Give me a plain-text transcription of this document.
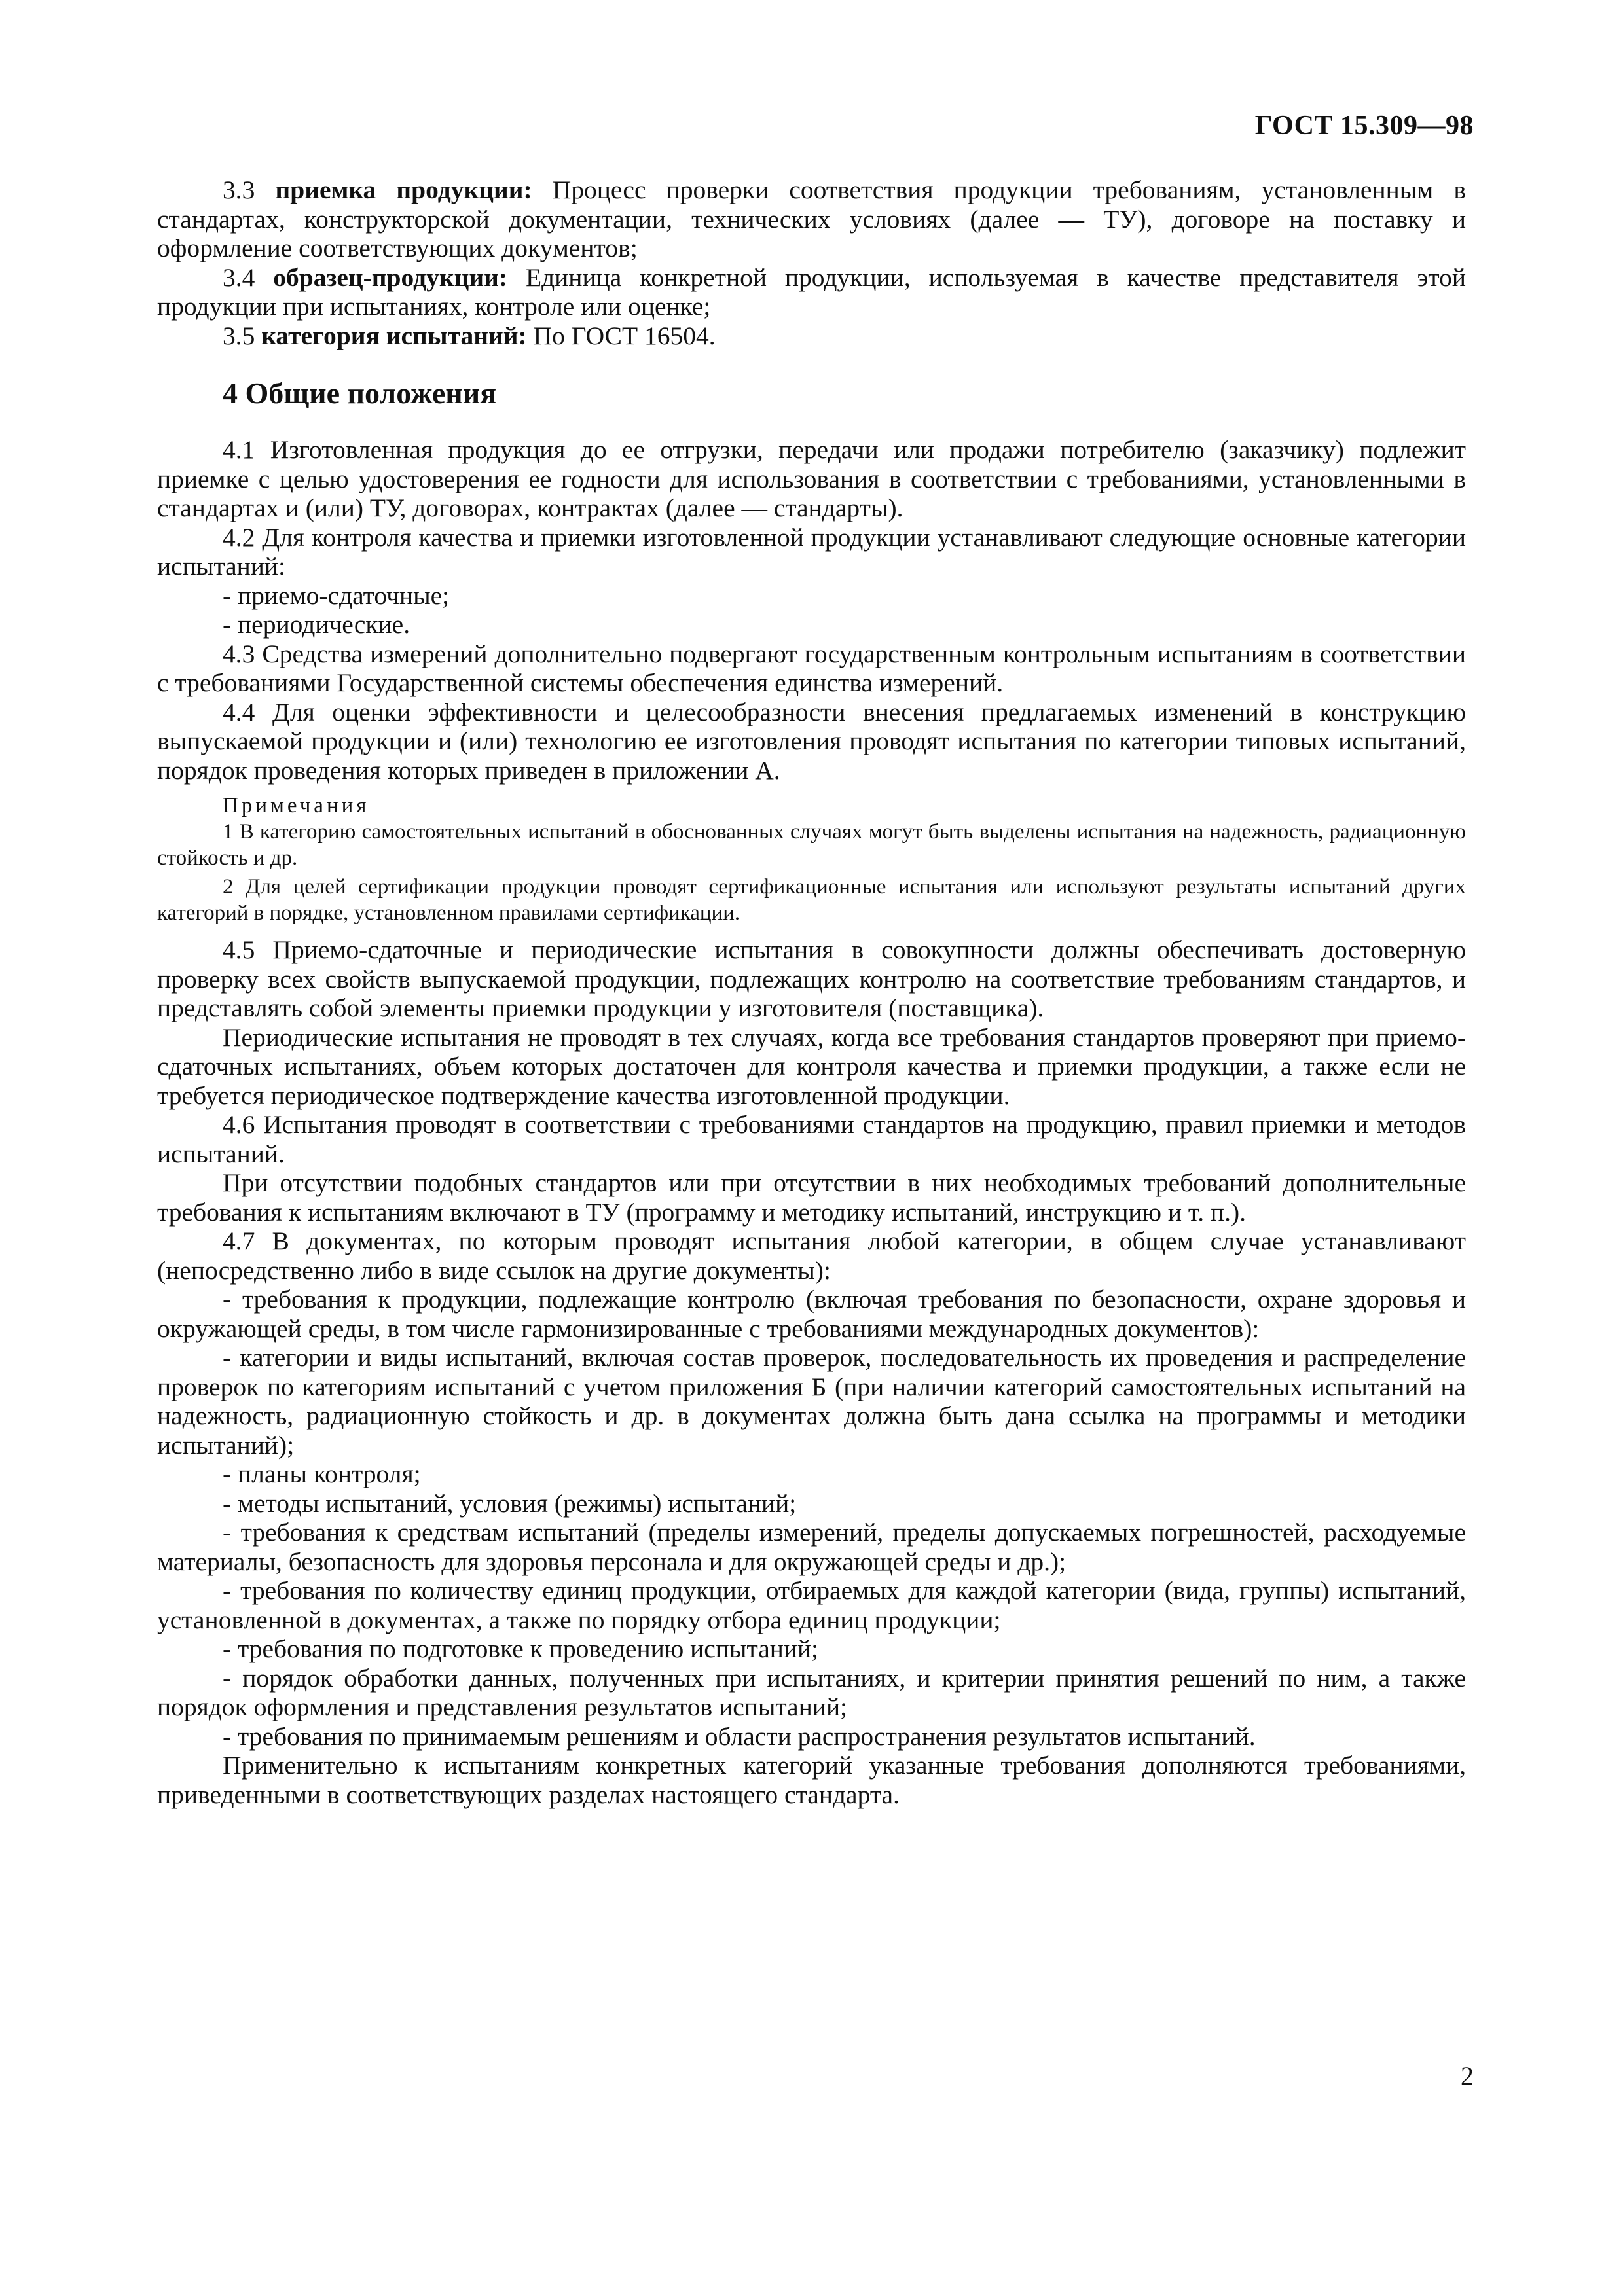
ГОСТ 15.309—98

3.3 приемка продукции: Процесс проверки соответствия продукции требованиям, установленным в стандартах, конструкторской документации, технических условиях (далее — ТУ), договоре на поставку и оформление соответствующих документов;

3.4 образец-продукции: Единица конкретной продукции, используемая в качестве представителя этой продукции при испытаниях, контроле или оценке;

3.5 категория испытаний: По ГОСТ 16504.

4 Общие положения

4.1 Изготовленная продукция до ее отгрузки, передачи или продажи потребителю (заказчику) подлежит приемке с целью удостоверения ее годности для использования в соответствии с требованиями, установленными в стандартах и (или) ТУ, договорах, контрактах (далее — стандарты).

4.2 Для контроля качества и приемки изготовленной продукции устанавливают следующие основные категории испытаний:

- приемо-сдаточные;

- периодические.

4.3 Средства измерений дополнительно подвергают государственным контрольным испытаниям в соответствии с требованиями Государственной системы обеспечения единства измерений.

4.4 Для оценки эффективности и целесообразности внесения предлагаемых изменений в конструкцию выпускаемой продукции и (или) технологию ее изготовления проводят испытания по категории типовых испытаний, порядок проведения которых приведен в приложении А.

Примечания

1 В категорию самостоятельных испытаний в обоснованных случаях могут быть выделены испытания на надежность, радиационную стойкость и др.

2 Для целей сертификации продукции проводят сертификационные испытания или используют результаты испытаний других категорий в порядке, установленном правилами сертификации.

4.5 Приемо-сдаточные и периодические испытания в совокупности должны обеспечивать достоверную проверку всех свойств выпускаемой продукции, подлежащих контролю на соответствие требованиям стандартов, и представлять собой элементы приемки продукции у изготовителя (поставщика).

Периодические испытания не проводят в тех случаях, когда все требования стандартов проверяют при приемо-сдаточных испытаниях, объем которых достаточен для контроля качества и приемки продукции, а также если не требуется периодическое подтверждение качества изготовленной продукции.

4.6 Испытания проводят в соответствии с требованиями стандартов на продукцию, правил приемки и методов испытаний.

При отсутствии подобных стандартов или при отсутствии в них необходимых требований дополнительные требования к испытаниям включают в ТУ (программу и методику испытаний, инструкцию и т. п.).

4.7 В документах, по которым проводят испытания любой категории, в общем случае устанавливают (непосредственно либо в виде ссылок на другие документы):

- требования к продукции, подлежащие контролю (включая требования по безопасности, охране здоровья и окружающей среды, в том числе гармонизированные с требованиями международных документов):

- категории и виды испытаний, включая состав проверок, последовательность их проведения и распределение проверок по категориям испытаний с учетом приложения Б (при наличии категорий самостоятельных испытаний на надежность, радиационную стойкость и др. в документах должна быть дана ссылка на программы и методики испытаний);

- планы контроля;

- методы испытаний, условия (режимы) испытаний;

- требования к средствам испытаний (пределы измерений, пределы допускаемых погрешностей, расходуемые материалы, безопасность для здоровья персонала и для окружающей среды и др.);

- требования по количеству единиц продукции, отбираемых для каждой категории (вида, группы) испытаний, установленной в документах, а также по порядку отбора единиц продукции;

- требования по подготовке к проведению испытаний;

- порядок обработки данных, полученных при испытаниях, и критерии принятия решений по ним, а также порядок оформления и представления результатов испытаний;

- требования по принимаемым решениям и области распространения результатов испытаний.

Применительно к испытаниям конкретных категорий указанные требования дополняются требованиями, приведенными в соответствующих разделах настоящего стандарта.

2
